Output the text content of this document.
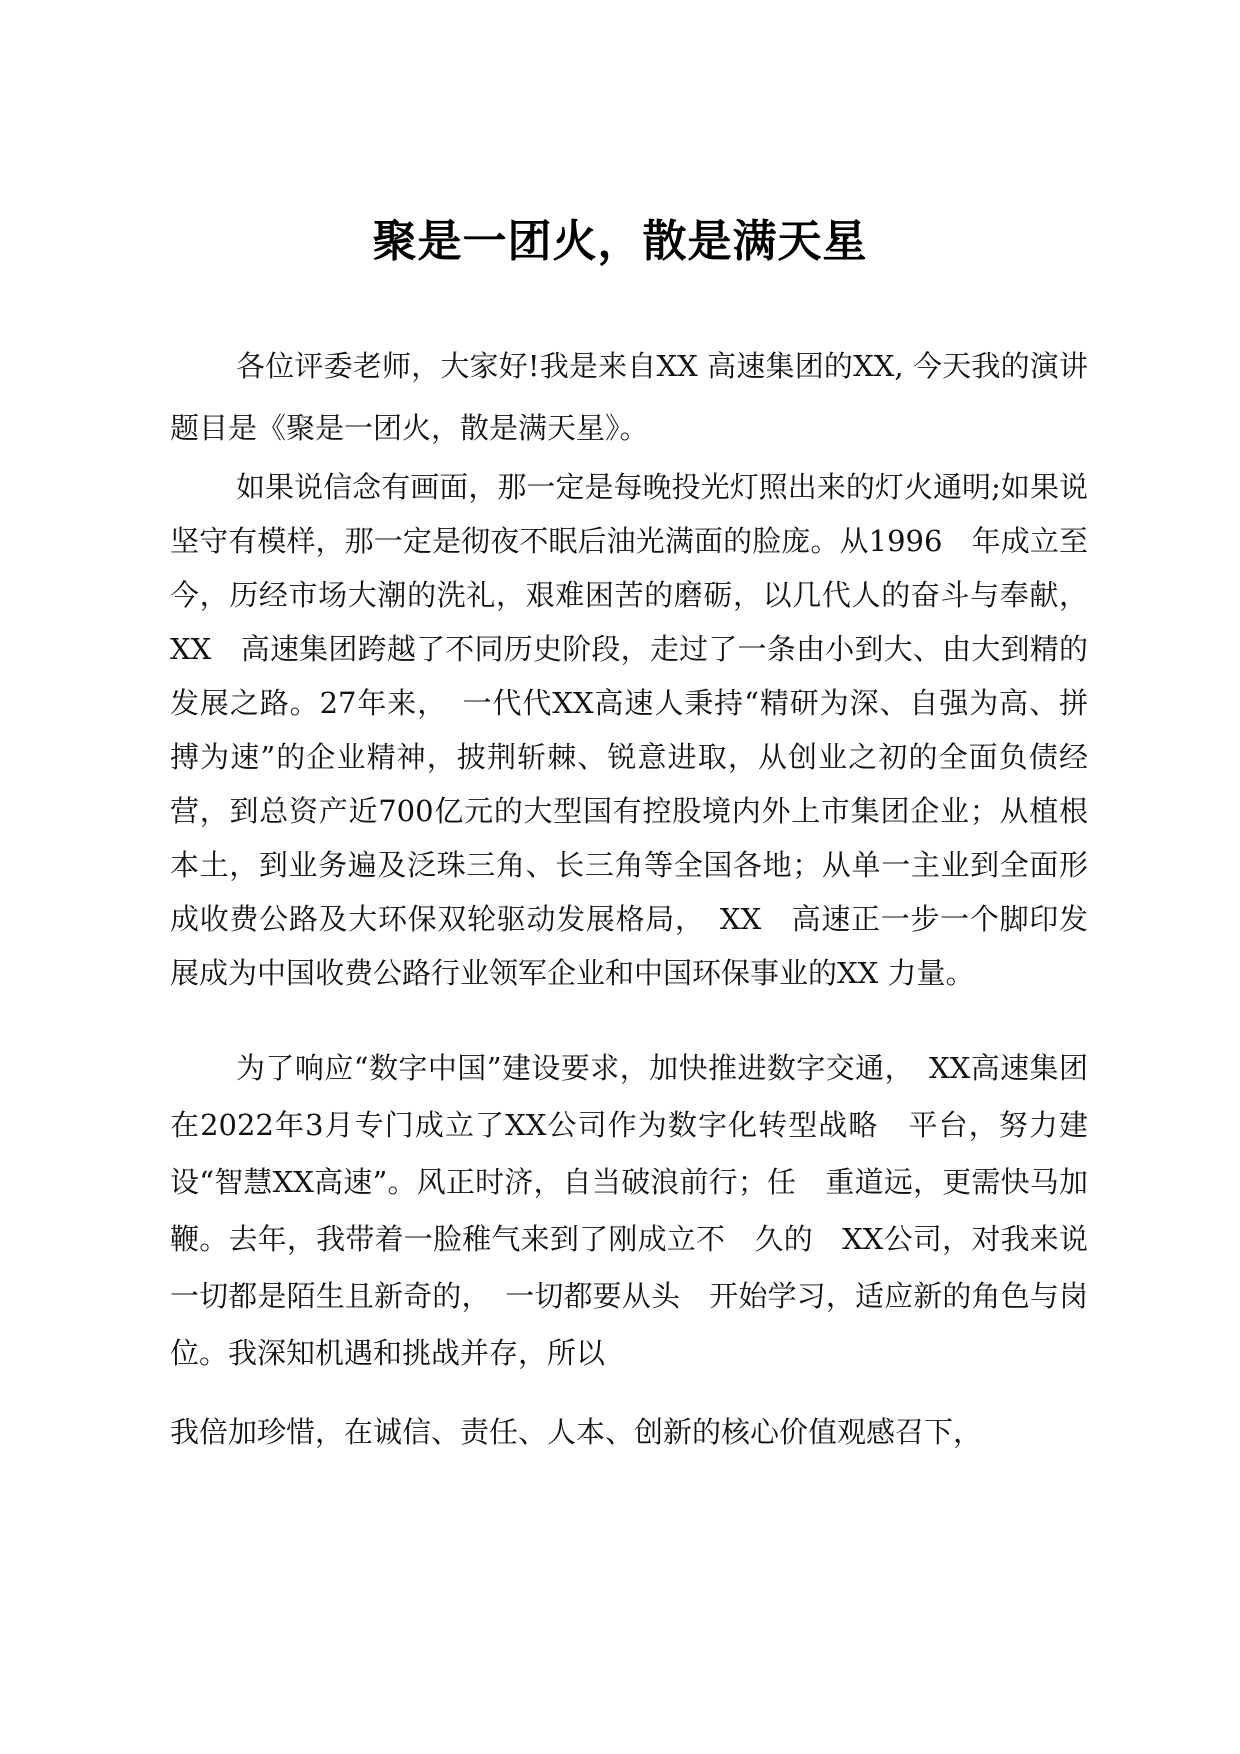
聚是一团火，散是满天星

各位评委老师，大家好!我是来自XX 高速集团的XX, 今天我的演讲题目是《聚是一团火，散是满天星》。

如果说信念有画面，那一定是每晚投光灯照出来的灯火通明;如果说坚守有模样，那一定是彻夜不眠后油光满面的脸庞。从1996　年成立至今，历经市场大潮的洗礼，艰难困苦的磨砺，以几代人的奋斗与奉献，XX　高速集团跨越了不同历史阶段，走过了一条由小到大、由大到精的发展之路。27年来，　一代代XX高速人秉持“精研为深、自强为高、拼搏为速”的企业精神，披荆斩棘、锐意进取，从创业之初的全面负债经营，到总资产近700亿元的大型国有控股境内外上市集团企业；从植根本土，到业务遍及泛珠三角、长三角等全国各地；从单一主业到全面形成收费公路及大环保双轮驱动发展格局，　XX　高速正一步一个脚印发展成为中国收费公路行业领军企业和中国环保事业的XX 力量。

为了响应“数字中国”建设要求，加快推进数字交通，　XX高速集团在2022年3月专门成立了XX公司作为数字化转型战略　平台，努力建设“智慧XX高速”。风正时济，自当破浪前行；任　重道远，更需快马加鞭。去年，我带着一脸稚气来到了刚成立不　久的　XX公司，对我来说一切都是陌生且新奇的，　一切都要从头　开始学习，适应新的角色与岗位。我深知机遇和挑战并存，所以

我倍加珍惜，在诚信、责任、人本、创新的核心价值观感召下，
